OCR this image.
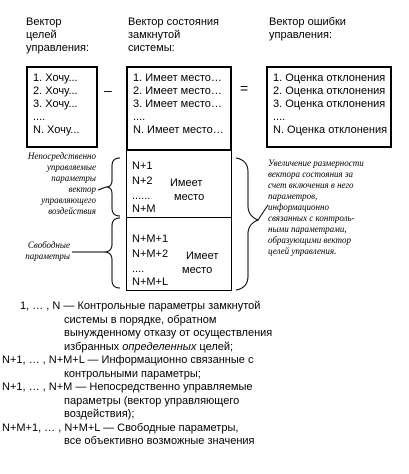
Вектор
целей
управления:
Вектор состояния
замкнутой
системы:
Вектор ошибки
управления:
1. Хочу...
2. Хочу...
3. Хочу...
....
N. Хочу...
–
1. Имеет место…
2. Имеет место…
3. Имеет место…
....
N. Имеет место…
N+1
N+2
......
N+M
Имеет
место
N+M+1
N+M+2
....
N+M+L
Имеет
место
=
1. Оценка отклонения
2. Оценка отклонения
3. Оценка отклонения
....
N. Оценка отклонения
Непосредственно
управляемые
параметры
вектор
управляющего
воздействия
Свободные
параметры
Увеличение размерности
вектора состояния за
счет включения в него
параметров,
информационно
связанных с контроль-
ными параметрами,
образующими вектор
целей управления.
1, … , N — Контрольные параметры замкнутой
системы в порядке, обратном
вынужденному отказу от осуществления
избранных определенных целей;
N+1, … , N+M+L — Информационно связанные с
контрольными параметры;
N+1, … , N+M — Непосредственно управляемые
параметры (вектор управляющего
воздействия);
N+M+1, … , N+M+L — Свободные параметры,
все объективно возможные значения
